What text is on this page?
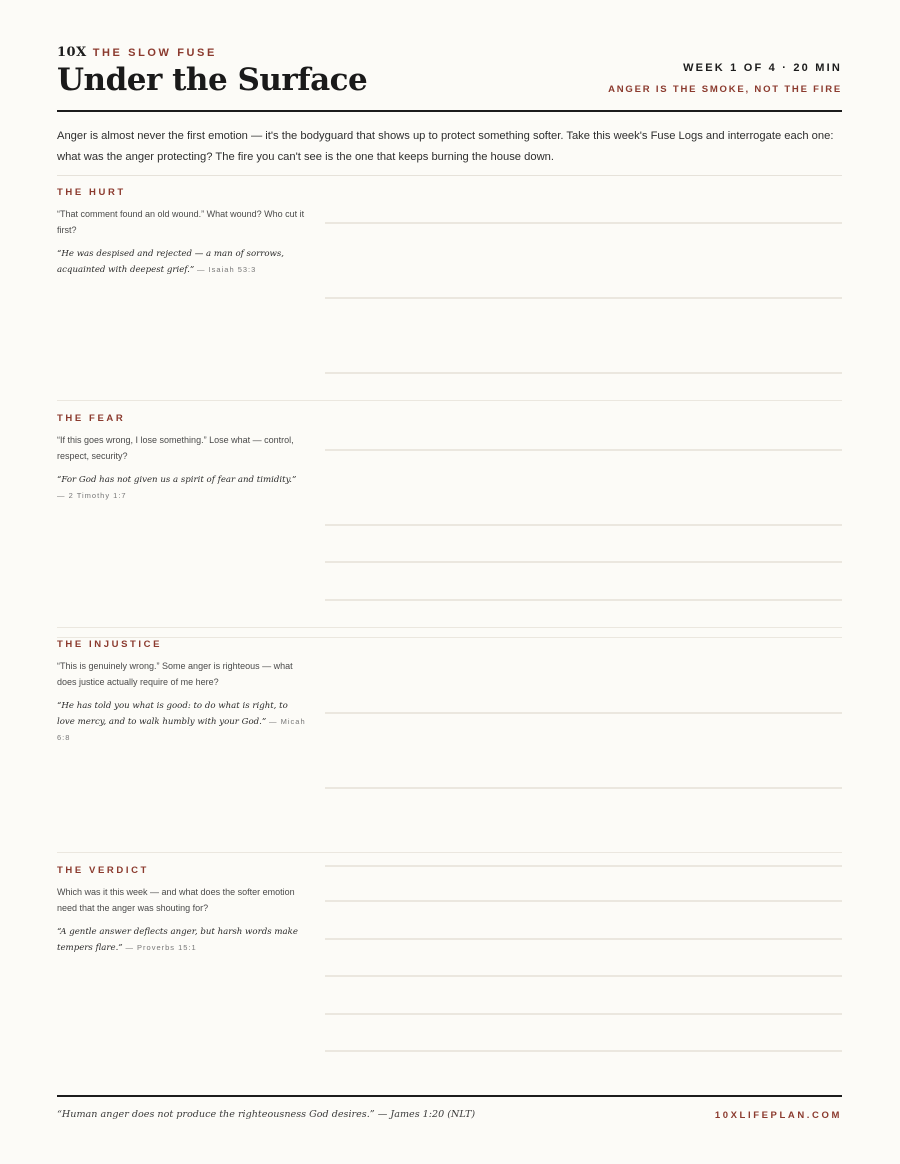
10X THE SLOW FUSE
Under the Surface	WEEK 1 OF 4 · 20 MIN
ANGER IS THE SMOKE, NOT THE FIRE

Anger is almost never the first emotion — it's the bodyguard that shows up to protect something softer. Take this week's Fuse Logs and interrogate each one: what was the anger protecting? The fire you can't see is the one that keeps burning the house down.

THE HURT
“That comment found an old wound.” What wound? Who cut it first?
“He was despised and rejected — a man of sorrows, acquainted with deepest grief.” — Isaiah 53:3
THE FEAR
“If this goes wrong, I lose something.” Lose what — control, respect, security?
“For God has not given us a spirit of fear and timidity.”
— 2 Timothy 1:7
THE INJUSTICE
“This is genuinely wrong.” Some anger is righteous — what does justice actually require of me here?
“He has told you what is good: to do what is right, to love mercy, and to walk humbly with your God.” — Micah 6:8
THE VERDICT
Which was it this week — and what does the softer emotion need that the anger was shouting for?
“A gentle answer deflects anger, but harsh words make tempers flare.” — Proverbs 15:1
“Human anger does not produce the righteousness God desires.” — James 1:20 (NLT)	10XLIFEPLAN.COM
